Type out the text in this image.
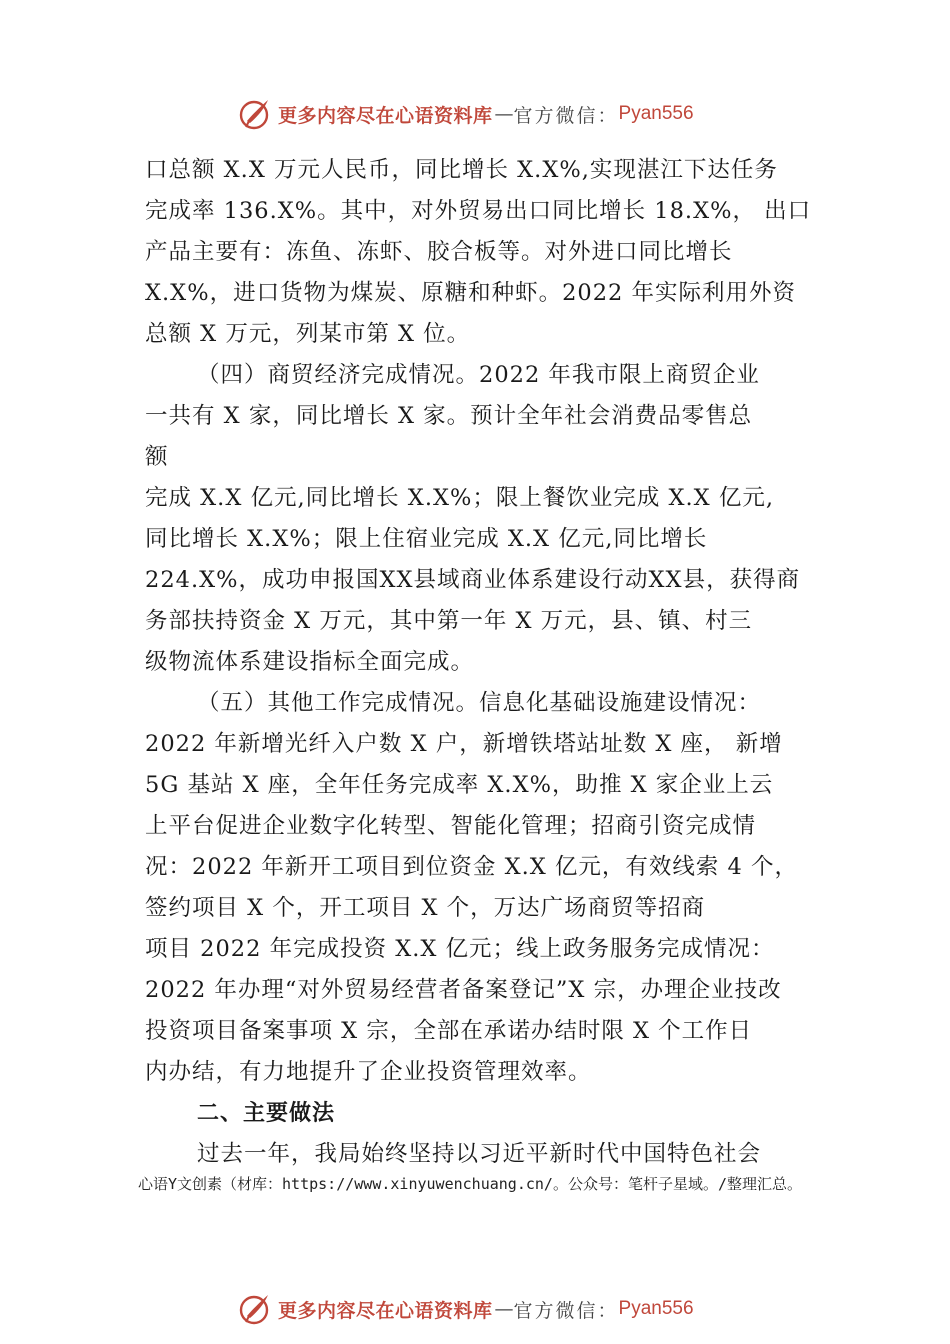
更多内容尽在心语资料库 — 官方微信： Pyan556
口总额 X.X 万元人民币，同比增长 X.X%,实现湛江下达任务
完成率 136.X%。其中，对外贸易出口同比增长 18.X%， 出口
产品主要有：冻鱼、冻虾、胶合板等。对外进口同比增长
X.X%，进口货物为煤炭、原糖和种虾。2022 年实际利用外资
总额 X 万元，列某市第 X 位。
（四）商贸经济完成情况。2022 年我市限上商贸企业
一共有 X 家，同比增长 X 家。预计全年社会消费品零售总
额
完成 X.X 亿元,同比增长 X.X%；限上餐饮业完成 X.X 亿元,
同比增长 X.X%；限上住宿业完成 X.X 亿元,同比增长
224.X%，成功申报国XX县域商业体系建设行动XX县，获得商
务部扶持资金 X 万元，其中第一年 X 万元，县、镇、村三
级物流体系建设指标全面完成。
（五）其他工作完成情况。信息化基础设施建设情况：
2022 年新增光纤入户数 X 户，新增铁塔站址数 X 座， 新增
5G 基站 X 座，全年任务完成率 X.X%，助推 X 家企业上云
上平台促进企业数字化转型、智能化管理；招商引资完成情
况：2022 年新开工项目到位资金 X.X 亿元，有效线索 4 个，
签约项目 X 个，开工项目 X 个，万达广场商贸等招商
项目 2022 年完成投资 X.X 亿元；线上政务服务完成情况：
2022 年办理“对外贸易经营者备案登记”X 宗，办理企业技改
投资项目备案事项 X 宗，全部在承诺办结时限 X 个工作日
内办结，有力地提升了企业投资管理效率。
二、主要做法
过去一年，我局始终坚持以习近平新时代中国特色社会
心语Y文创素（材库：https://www.xinyuwenchuang.cn/。公众号：笔杆子星域。/整理汇总。
更多内容尽在心语资料库 — 官方微信： Pyan556
